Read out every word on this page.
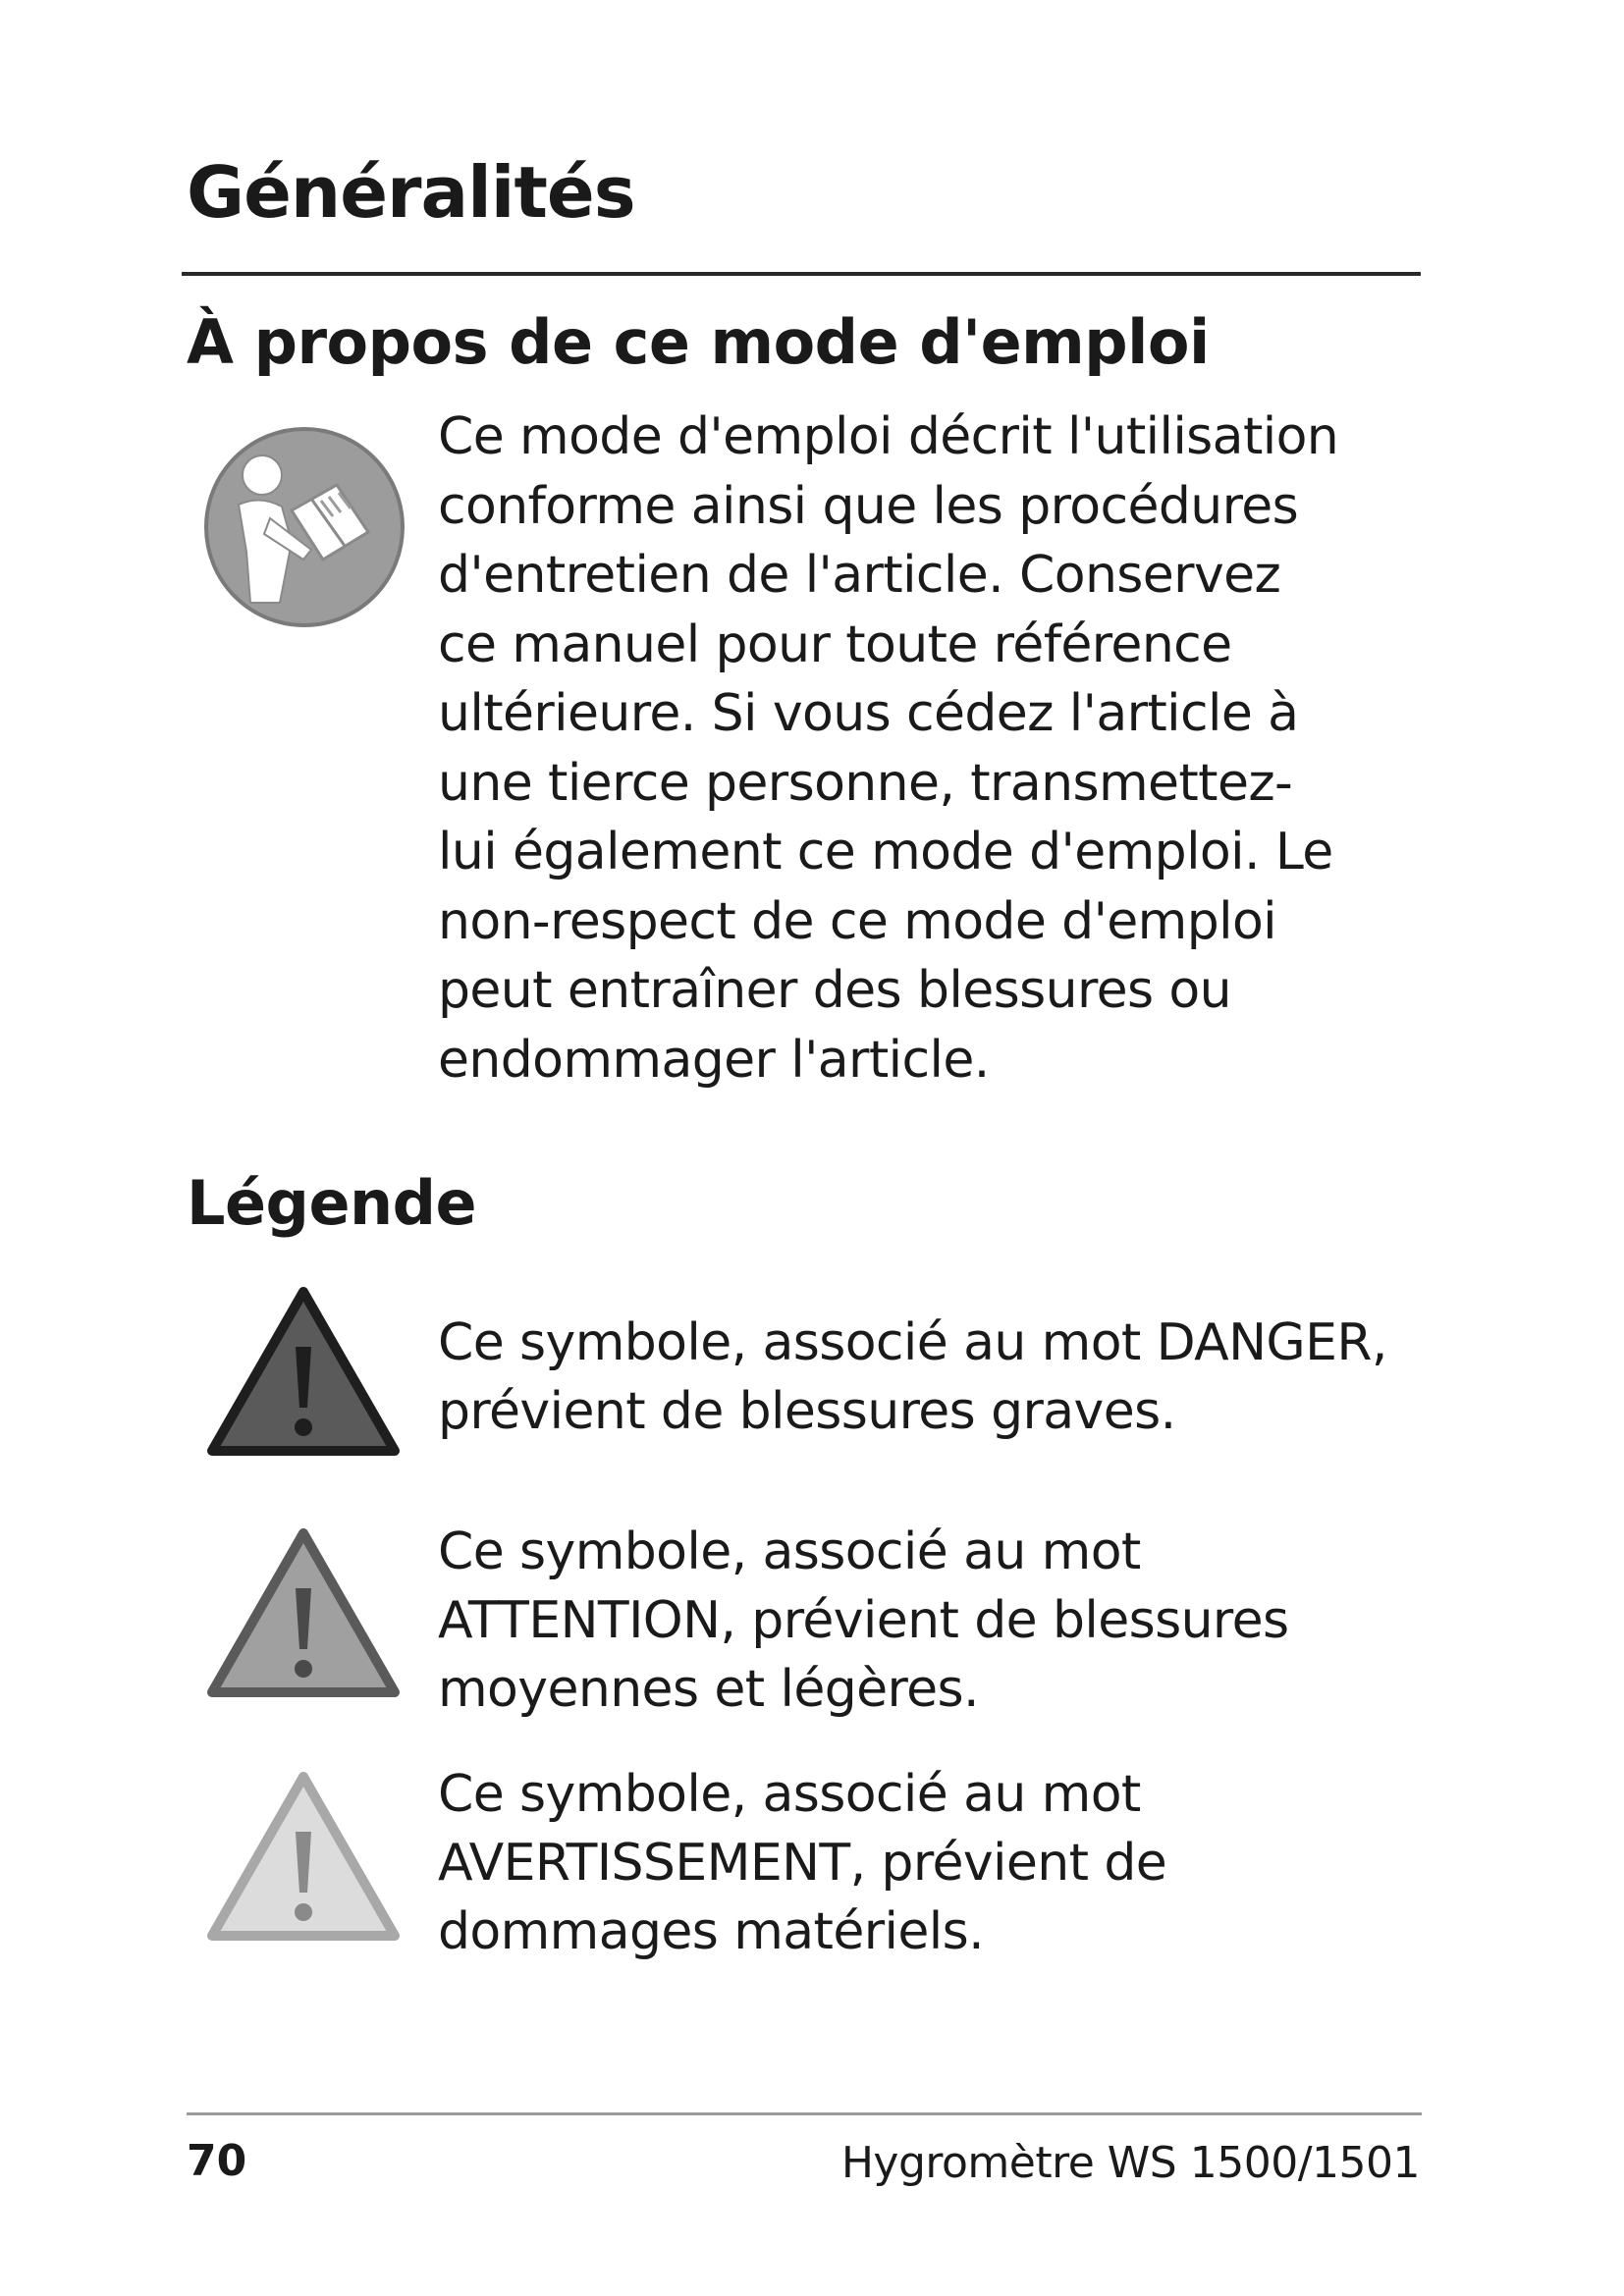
Généralités
À propos de ce mode d'emploi

Ce mode d'emploi décrit l'utilisation
conforme ainsi que les procédures
d'entretien de l'article. Conservez
ce manuel pour toute référence
ultérieure. Si vous cédez l'article à
une tierce personne, transmettez-
lui également ce mode d'emploi. Le
non-respect de ce mode d'emploi
peut entraîner des blessures ou
endommager l'article.

Légende

Ce symbole, associé au mot DANGER,
prévient de blessures graves.

Ce symbole, associé au mot
ATTENTION, prévient de blessures
moyennes et légères.

Ce symbole, associé au mot
AVERTISSEMENT, prévient de
dommages matériels.

70	Hygromètre WS 1500/1501
